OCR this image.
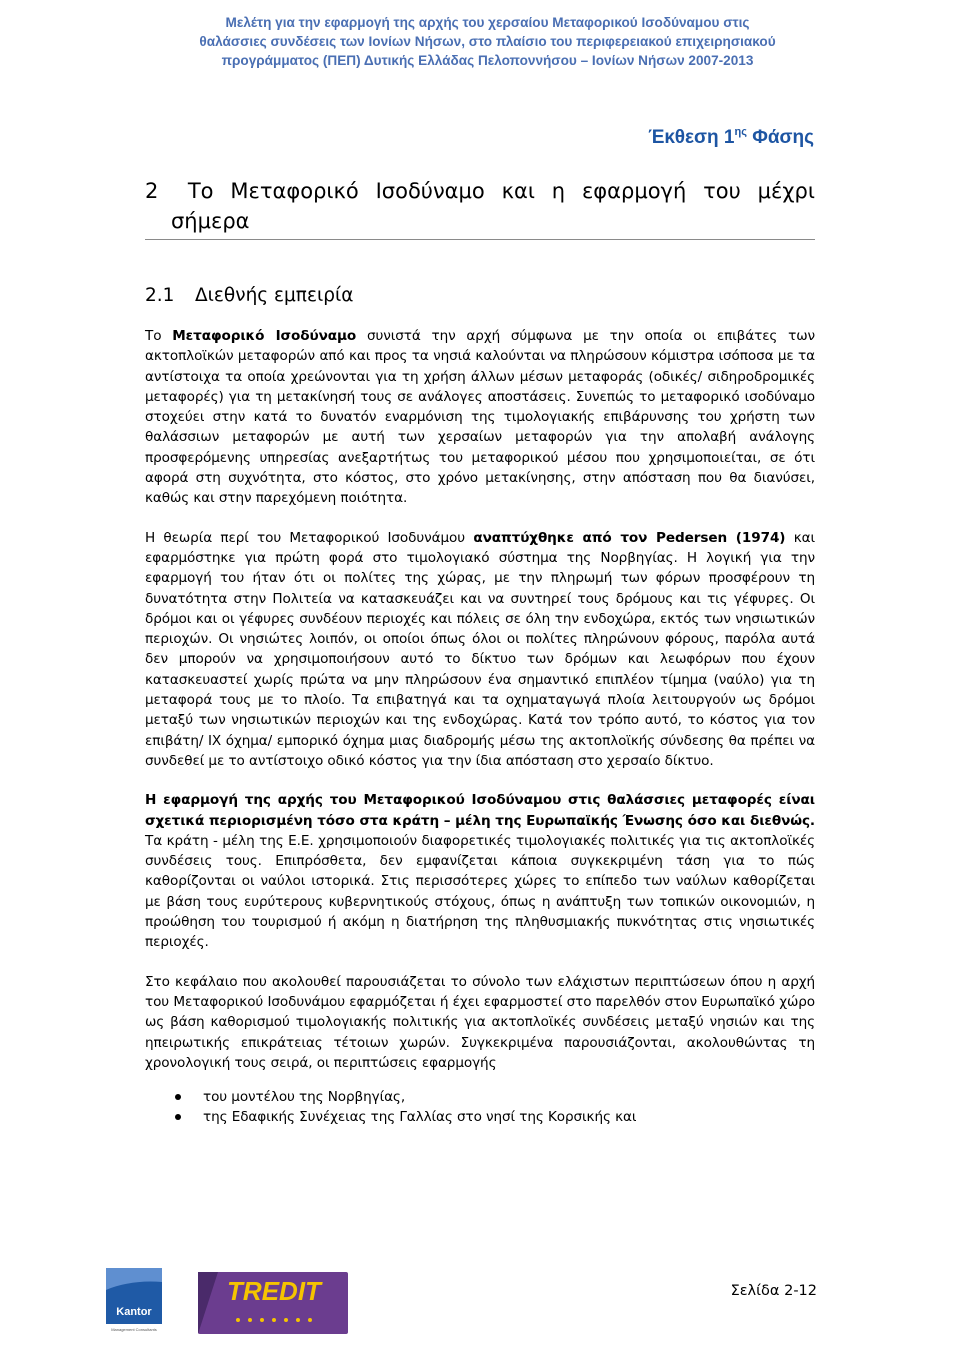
Μελέτη για την εφαρμογή της αρχής του χερσαίου Μεταφορικού Ισοδύναμου στις
θαλάσσιες συνδέσεις των Ιονίων Νήσων, στο πλαίσιο του περιφερειακού επιχειρησιακού
προγράμματος (ΠΕΠ) Δυτικής Ελλάδας Πελοποννήσου – Ιονίων Νήσων 2007-2013
Έκθεση $1^{\eta\varsigma}$ Φάσης
2	Το Μεταφορικό Ισοδύναμο και η εφαρμογή του μέχρι
σήμερα
2.1 Διεθνής εμπειρία

Το Μεταφορικό Ισοδύναμο συνιστά την αρχή σύμφωνα με την οποία οι επιβάτες των ακτοπλοϊκών μεταφορών από και προς τα νησιά καλούνται να πληρώσουν κόμιστρα ισόποσα με τα αντίστοιχα τα οποία χρεώνονται για τη χρήση άλλων μέσων μεταφοράς (οδικές/ σιδηροδρομικές μεταφορές) για τη μετακίνησή τους σε ανάλογες αποστάσεις. Συνεπώς το μεταφορικό ισοδύναμο στοχεύει στην κατά το δυνατόν εναρμόνιση της τιμολογιακής επιβάρυνσης του χρήστη των θαλάσσιων μεταφορών με αυτή των χερσαίων μεταφορών για την απολαβή ανάλογης προσφερόμενης υπηρεσίας ανεξαρτήτως του μεταφορικού μέσου που χρησιμοποιείται, σε ότι αφορά στη συχνότητα, στο κόστος, στο χρόνο μετακίνησης, στην απόσταση που θα διανύσει, καθώς και στην παρεχόμενη ποιότητα.

Η θεωρία περί του Μεταφορικού Ισοδυνάμου αναπτύχθηκε από τον Pedersen (1974) και εφαρμόστηκε για πρώτη φορά στο τιμολογιακό σύστημα της Νορβηγίας. Η λογική για την εφαρμογή του ήταν ότι οι πολίτες της χώρας, με την πληρωμή των φόρων προσφέρουν τη δυνατότητα στην Πολιτεία να κατασκευάζει και να συντηρεί τους δρόμους και τις γέφυρες. Οι δρόμοι και οι γέφυρες συνδέουν περιοχές και πόλεις σε όλη την ενδοχώρα, εκτός των νησιωτικών περιοχών. Οι νησιώτες λοιπόν, οι οποίοι όπως όλοι οι πολίτες πληρώνουν φόρους, παρόλα αυτά δεν μπορούν να χρησιμοποιήσουν αυτό το δίκτυο των δρόμων και λεωφόρων που έχουν κατασκευαστεί χωρίς πρώτα να μην πληρώσουν ένα σημαντικό επιπλέον τίμημα (ναύλο) για τη μεταφορά τους με το πλοίο. Τα επιβατηγά και τα οχηματαγωγά πλοία λειτουργούν ως δρόμοι μεταξύ των νησιωτικών περιοχών και της ενδοχώρας. Κατά τον τρόπο αυτό, το κόστος για τον επιβάτη/ ΙΧ όχημα/ εμπορικό όχημα μιας διαδρομής μέσω της ακτοπλοϊκής σύνδεσης θα πρέπει να συνδεθεί με το αντίστοιχο οδικό κόστος για την ίδια απόσταση στο χερσαίο δίκτυο.

Η εφαρμογή της αρχής του Μεταφορικού Ισοδύναμου στις θαλάσσιες μεταφορές είναι σχετικά περιορισμένη τόσο στα κράτη – μέλη της Ευρωπαϊκής Ένωσης όσο και διεθνώς. Τα κράτη - μέλη της Ε.Ε. χρησιμοποιούν διαφορετικές τιμολογιακές πολιτικές για τις ακτοπλοϊκές συνδέσεις τους. Επιπρόσθετα, δεν εμφανίζεται κάποια συγκεκριμένη τάση για το πώς καθορίζονται οι ναύλοι ιστορικά. Στις περισσότερες χώρες το επίπεδο των ναύλων καθορίζεται με βάση τους ευρύτερους κυβερνητικούς στόχους, όπως η ανάπτυξη των τοπικών οικονομιών, η προώθηση του τουρισμού ή ακόμη η διατήρηση της πληθυσμιακής πυκνότητας στις νησιωτικές περιοχές.

Στο κεφάλαιο που ακολουθεί παρουσιάζεται το σύνολο των ελάχιστων περιπτώσεων όπου η αρχή του Μεταφορικού Ισοδυνάμου εφαρμόζεται ή έχει εφαρμοστεί στο παρελθόν στον Ευρωπαϊκό χώρο ως βάση καθορισμού τιμολογιακής πολιτικής για ακτοπλοϊκές συνδέσεις μεταξύ νησιών και της ηπειρωτικής επικράτειας τέτοιων χωρών. Συγκεκριμένα παρουσιάζονται, ακολουθώντας τη χρονολογική τους σειρά, οι περιπτώσεις εφαρμογής

του μοντέλου της Νορβηγίας,
της Εδαφικής Συνέχειας της Γαλλίας στο νησί της Κορσικής και
Kantor
Management Consultants
TREDIT	Σελίδα 2-12
